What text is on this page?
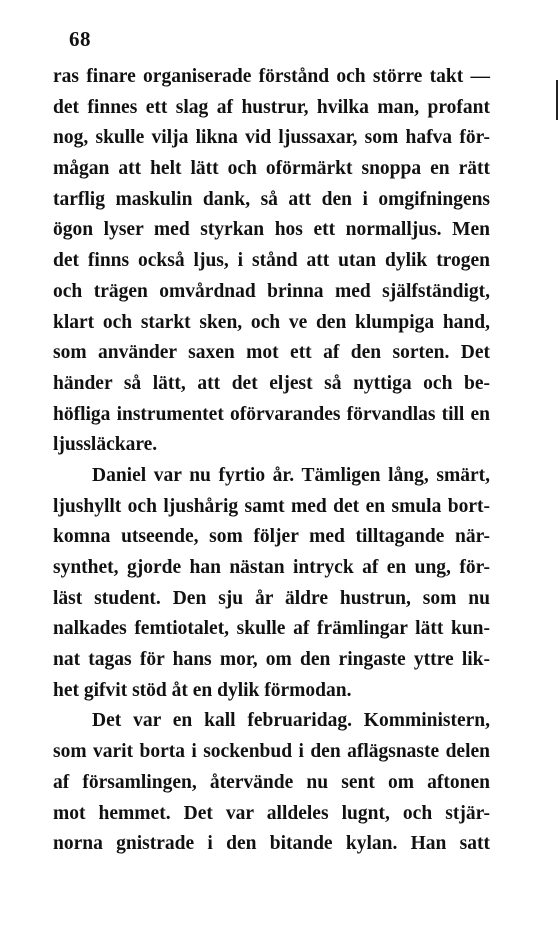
68
ras finare organiserade förstånd och större takt —
det finnes ett slag af hustrur, hvilka man, profant
nog, skulle vilja likna vid ljussaxar, som hafva för-
mågan att helt lätt och oförmärkt snoppa en rätt
tarflig maskulin dank, så att den i omgifningens
ögon lyser med styrkan hos ett normalljus. Men
det finns också ljus, i stånd att utan dylik trogen
och trägen omvårdnad brinna med själfständigt,
klart och starkt sken, och ve den klumpiga hand,
som använder saxen mot ett af den sorten. Det
händer så lätt, att det eljest så nyttiga och be-
höfliga instrumentet oförvarandes förvandlas till en
ljussläckare.
Daniel var nu fyrtio år. Tämligen lång, smärt,
ljushyllt och ljushårig samt med det en smula bort-
komna utseende, som följer med tilltagande när-
synthet, gjorde han nästan intryck af en ung, för-
läst student. Den sju år äldre hustrun, som nu
nalkades femtiotalet, skulle af främlingar lätt kun-
nat tagas för hans mor, om den ringaste yttre lik-
het gifvit stöd åt en dylik förmodan.
Det var en kall februaridag. Komministern,
som varit borta i sockenbud i den aflägsnaste delen
af församlingen, återvände nu sent om aftonen
mot hemmet. Det var alldeles lugnt, och stjär-
norna gnistrade i den bitande kylan. Han satt
